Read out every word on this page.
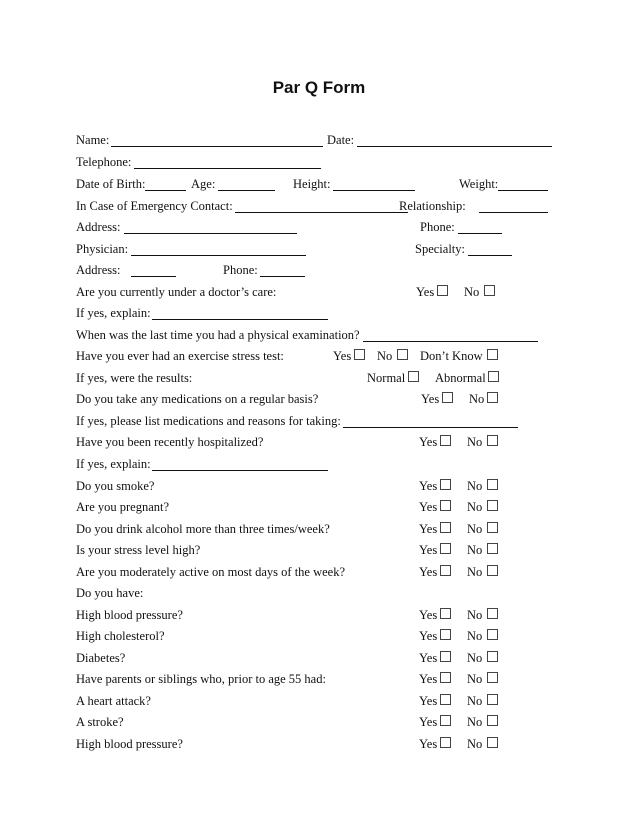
Par Q Form
Name:	Date:
Telephone:
Date of Birth:	Age:	Height:	Weight:
In Case of Emergency Contact:	Relationship:
Address:	Phone:
Physician:	Specialty:
Address:	Phone:
Are you currently under a doctor’s care:	Yes No
If yes, explain:
When was the last time you had a physical examination?
Have you ever had an exercise stress test:	Yes No Don’t Know
If yes, were the results:	Normal Abnormal
Do you take any medications on a regular basis?	Yes No
If yes, please list medications and reasons for taking:
Have you been recently hospitalized?	Yes No
If yes, explain:
Do you smoke?	Yes No
Are you pregnant?	Yes No
Do you drink alcohol more than three times/week?	Yes No
Is your stress level high?	Yes No
Are you moderately active on most days of the week?	Yes No
Do you have:
High blood pressure?	Yes No
High cholesterol?	Yes No
Diabetes?	Yes No
Have parents or siblings who, prior to age 55 had:	Yes No
A heart attack?	Yes No
A stroke?	Yes No
High blood pressure?	Yes No
